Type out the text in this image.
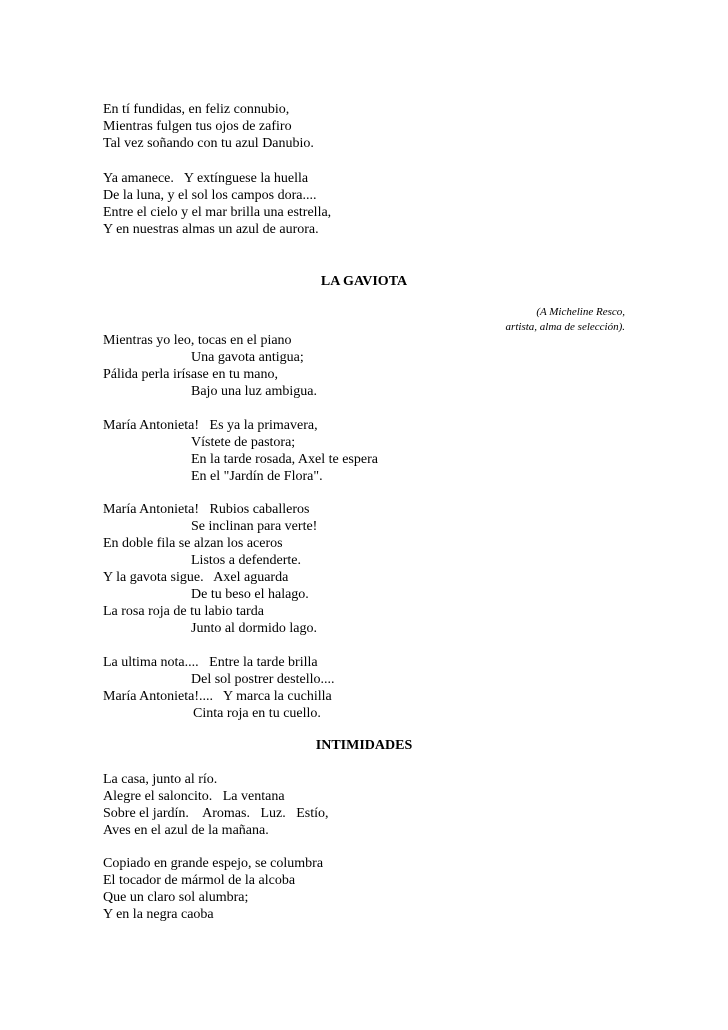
En tí fundidas, en feliz connubio,
Mientras fulgen tus ojos de zafiro
Tal vez soñando con tu azul Danubio.
Ya amanece.   Y extínguese la huella
De la luna, y el sol los campos dora....
Entre el cielo y el mar brilla una estrella,
Y en nuestras almas un azul de aurora.
LA GAVIOTA
(A Micheline Resco,
artista, alma de selección).
Mientras yo leo, tocas en el piano
Una gavota antigua;
Pálida perla irísase en tu mano,
Bajo una luz ambigua.
María Antonieta!   Es ya la primavera,
Vístete de pastora;
En la tarde rosada, Axel te espera
En el "Jardín de Flora".
María Antonieta!   Rubios caballeros
Se inclinan para verte!
En doble fila se alzan los aceros
Listos a defenderte.
Y la gavota sigue.   Axel aguarda
De tu beso el halago.
La rosa roja de tu labio tarda
Junto al dormido lago.
La ultima nota....   Entre la tarde brilla
Del sol postrer destello....
María Antonieta!....   Y marca la cuchilla
Cinta roja en tu cuello.
INTIMIDADES
La casa, junto al río.
Alegre el saloncito.   La ventana
Sobre el jardín.    Aromas.   Luz.   Estío,
Aves en el azul de la mañana.
Copiado en grande espejo, se columbra
El tocador de mármol de la alcoba
Que un claro sol alumbra;
Y en la negra caoba
